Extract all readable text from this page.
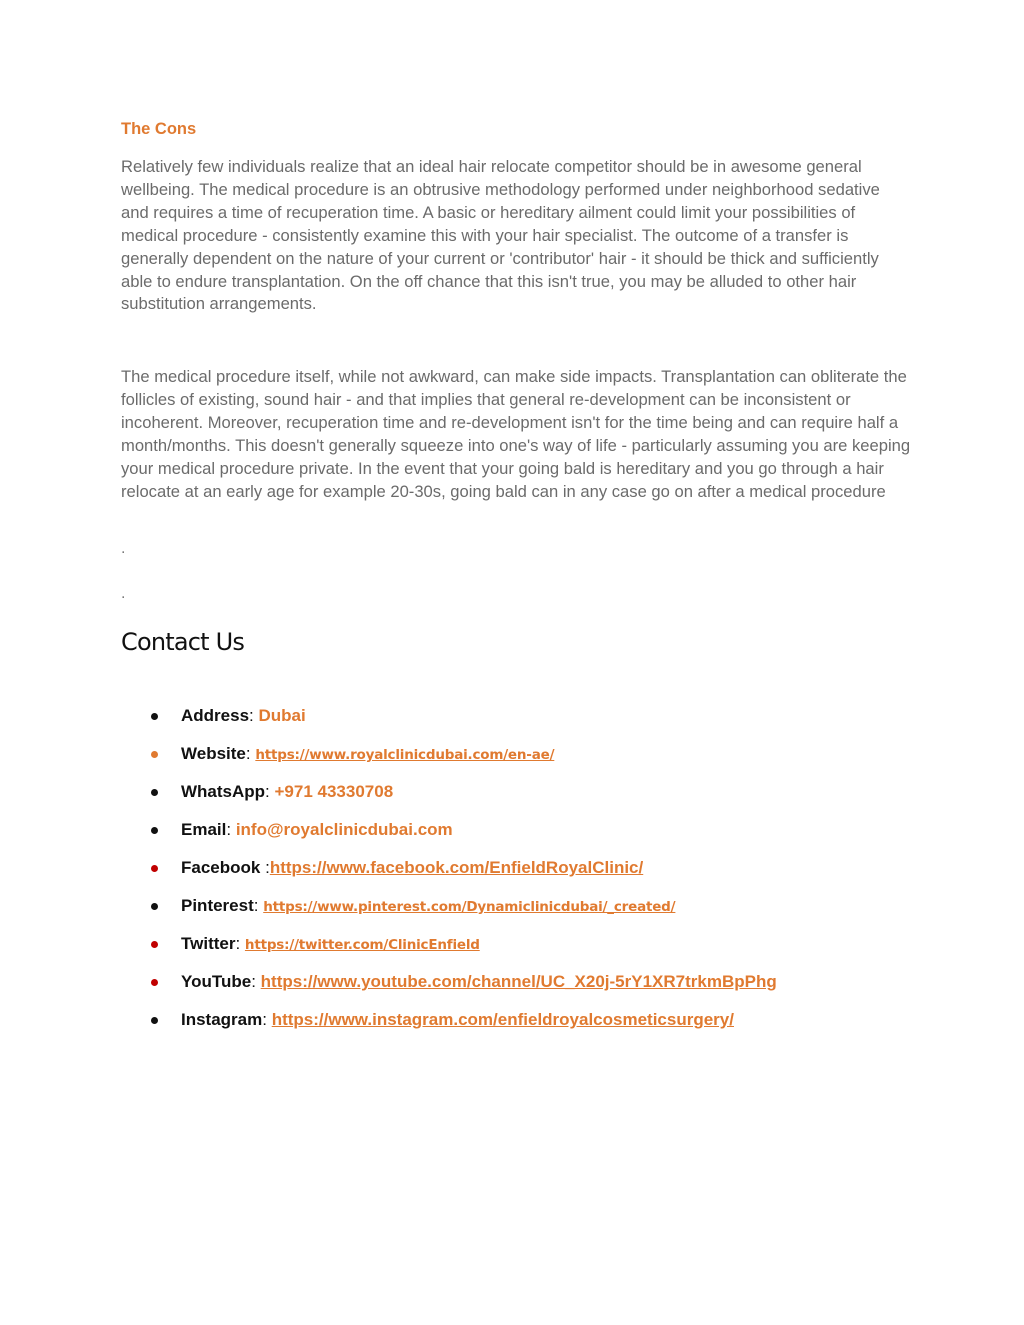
The Cons

Relatively few individuals realize that an ideal hair relocate competitor should be in awesome general wellbeing. The medical procedure is an obtrusive methodology performed under neighborhood sedative and requires a time of recuperation time. A basic or hereditary ailment could limit your possibilities of medical procedure - consistently examine this with your hair specialist. The outcome of a transfer is generally dependent on the nature of your current or 'contributor' hair - it should be thick and sufficiently able to endure transplantation. On the off chance that this isn't true, you may be alluded to other hair substitution arrangements.

The medical procedure itself, while not awkward, can make side impacts. Transplantation can obliterate the follicles of existing, sound hair - and that implies that general re-development can be inconsistent or incoherent. Moreover, recuperation time and re-development isn't for the time being and can require half a month/months. This doesn't generally squeeze into one's way of life - particularly assuming you are keeping your medical procedure private. In the event that your going bald is hereditary and you go through a hair relocate at an early age for example 20-30s, going bald can in any case go on after a medical procedure

.
.
Contact Us
Address: Dubai
Website: https://www.royalclinicdubai.com/en-ae/
WhatsApp: +971 43330708
Email: info@royalclinicdubai.com
Facebook :https://www.facebook.com/EnfieldRoyalClinic/
Pinterest: https://www.pinterest.com/Dynamiclinicdubai/_created/
Twitter: https://twitter.com/ClinicEnfield
YouTube: https://www.youtube.com/channel/UC_X20j-5rY1XR7trkmBpPhg
Instagram: https://www.instagram.com/enfieldroyalcosmeticsurgery/
